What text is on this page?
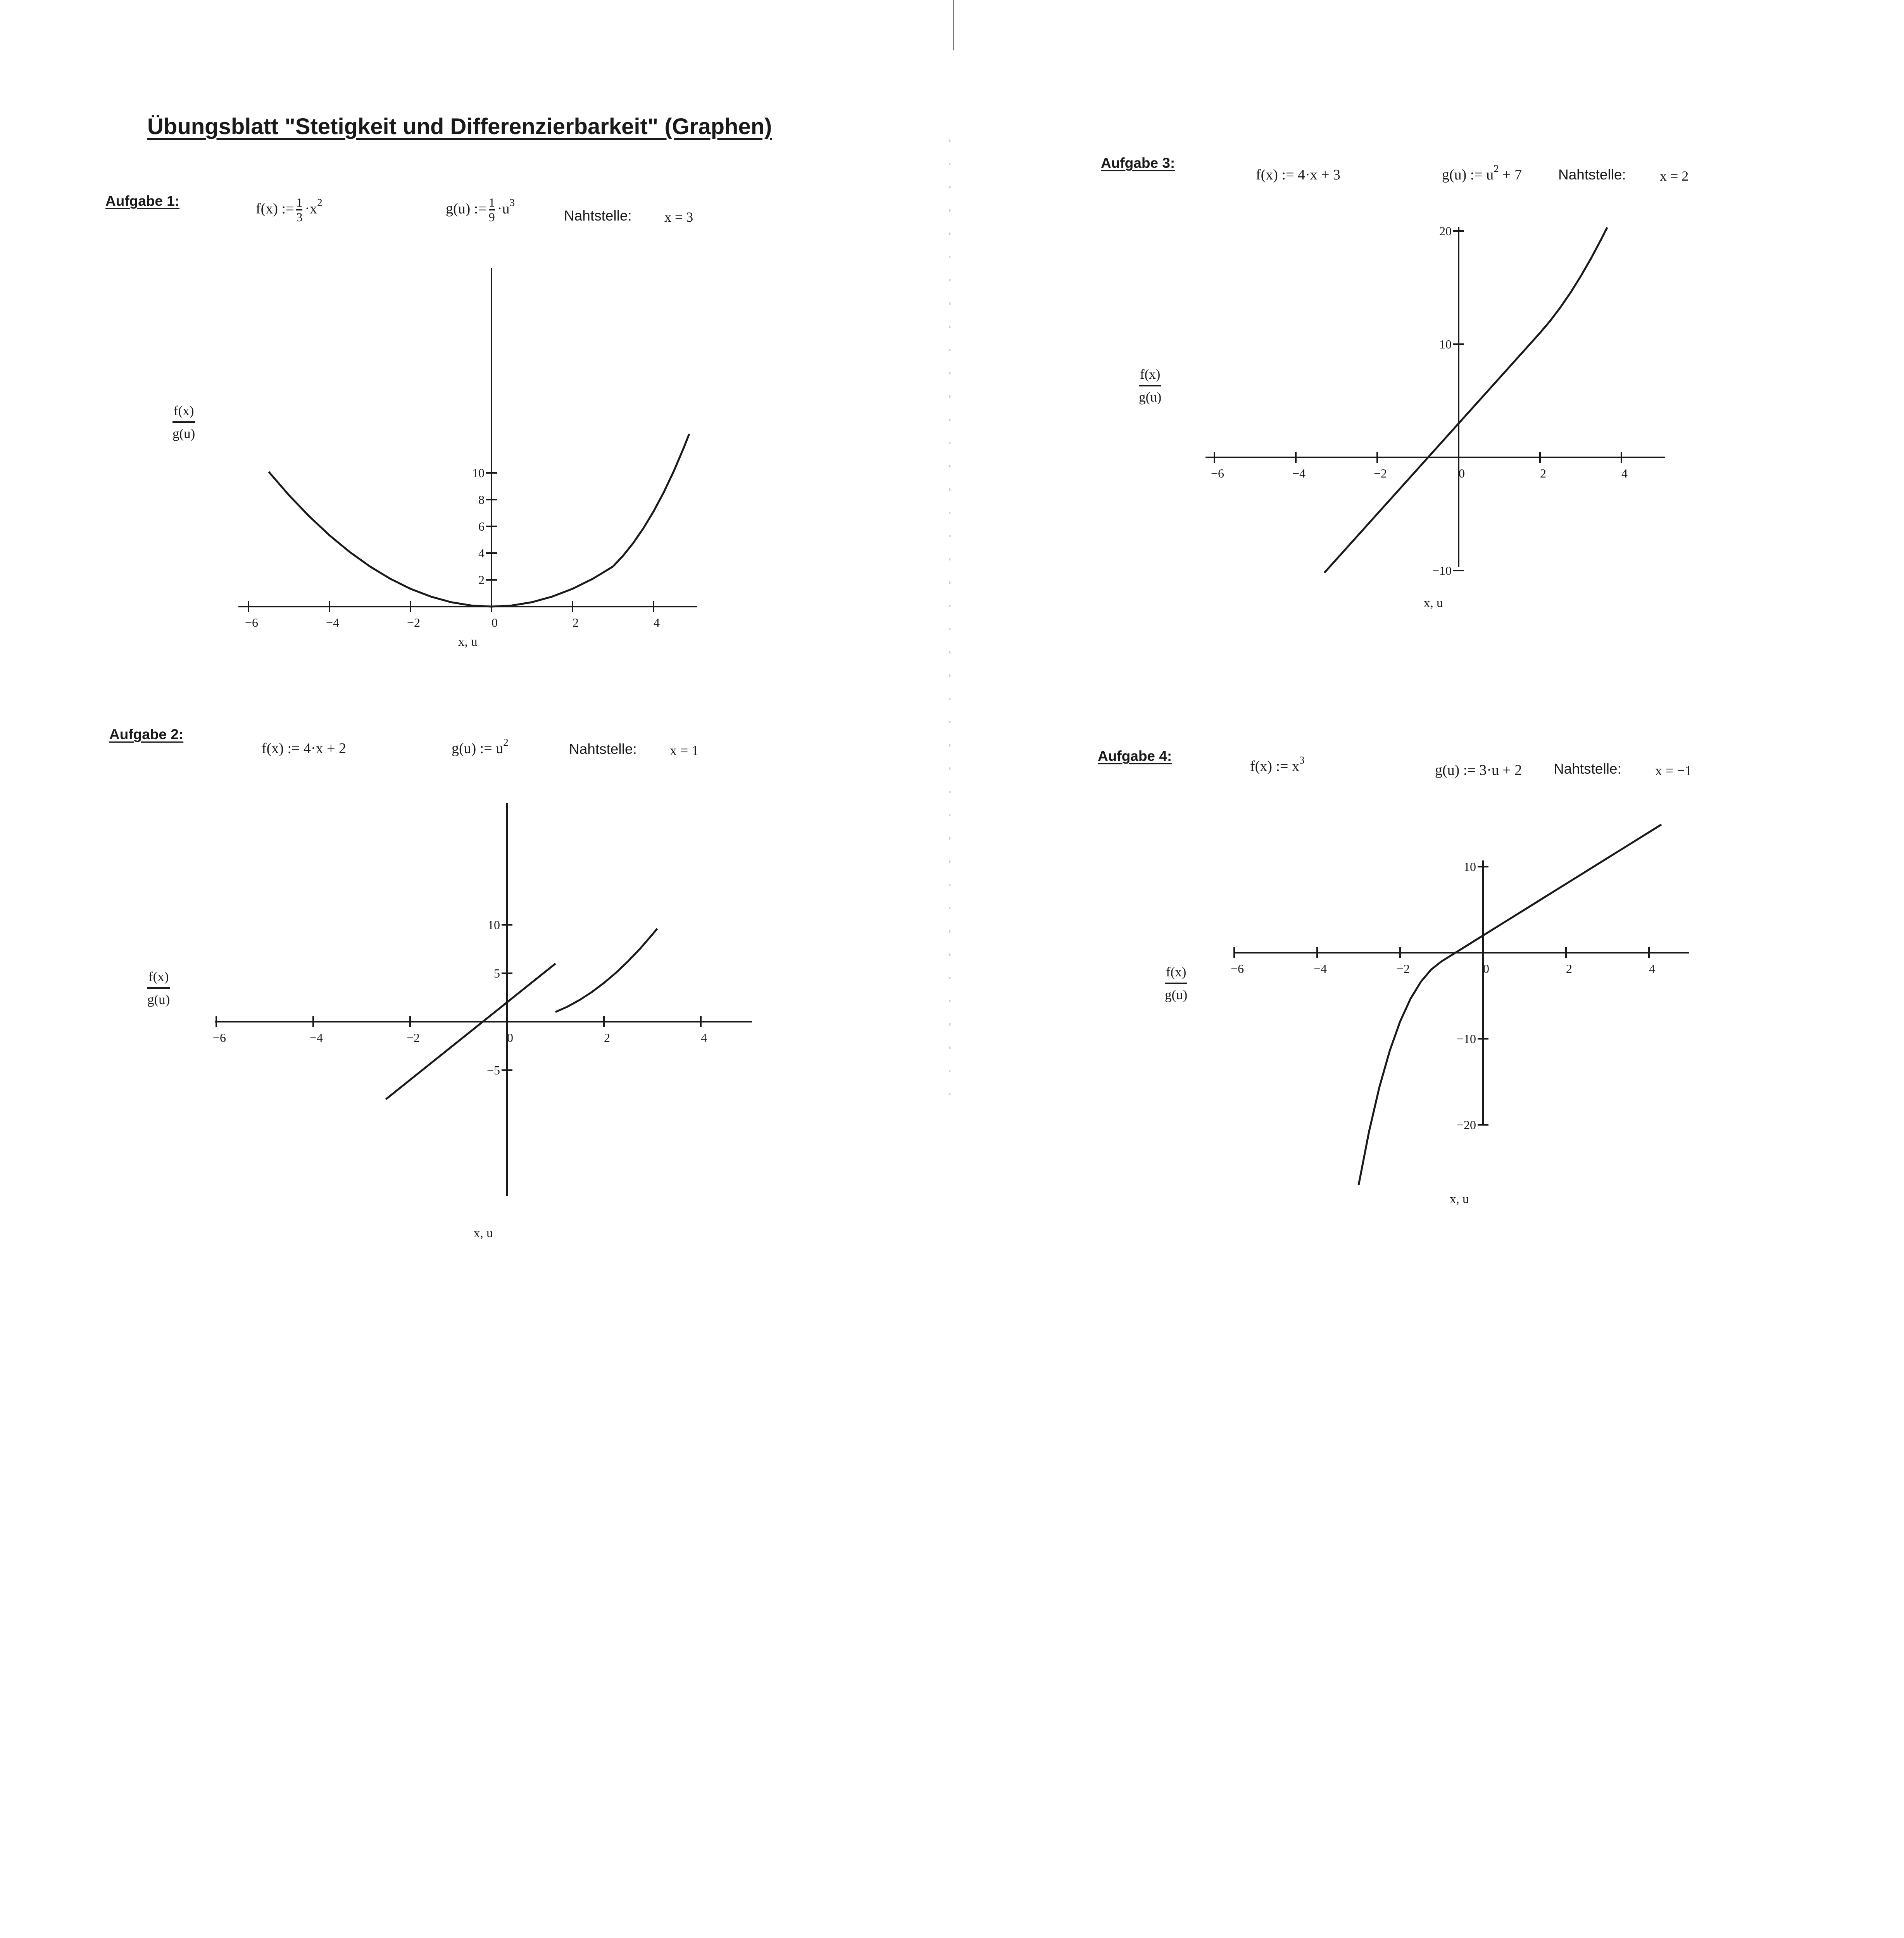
Übungsblatt "Stetigkeit und Differenzierbarkeit" (Graphen)
Aufgabe 1:	f(x) := $\frac{1}{3} \cdot x^2$	g(u) := $\frac{1}{9} \cdot u^3$
Nahtstelle: x = 3
f(x)
g(u)
x, u
−6	−4	−2	0	2	4
2
4
6
8
10
Aufgabe 2:
f(x) := 4·x + 2	g(u) := $u^2$	Nahtstelle: x = 1
f(x)
g(u)
x, u
−6	−4	−2	0	2	4
−5
5
10
Aufgabe 3:
f(x) := 4·x + 3	g(u) := $u^2 + 7$	Nahtstelle: x = 2
f(x)
g(u)
x, u
−6	−4	−2	0	2	4
−10
10
20
Aufgabe 4:
f(x) := $x^3$
g(u) := 3·u + 2 Nahtstelle: x = −1
f(x)
g(u)
x, u
−6	−4	−2	0	2	4
−20
−10
10
